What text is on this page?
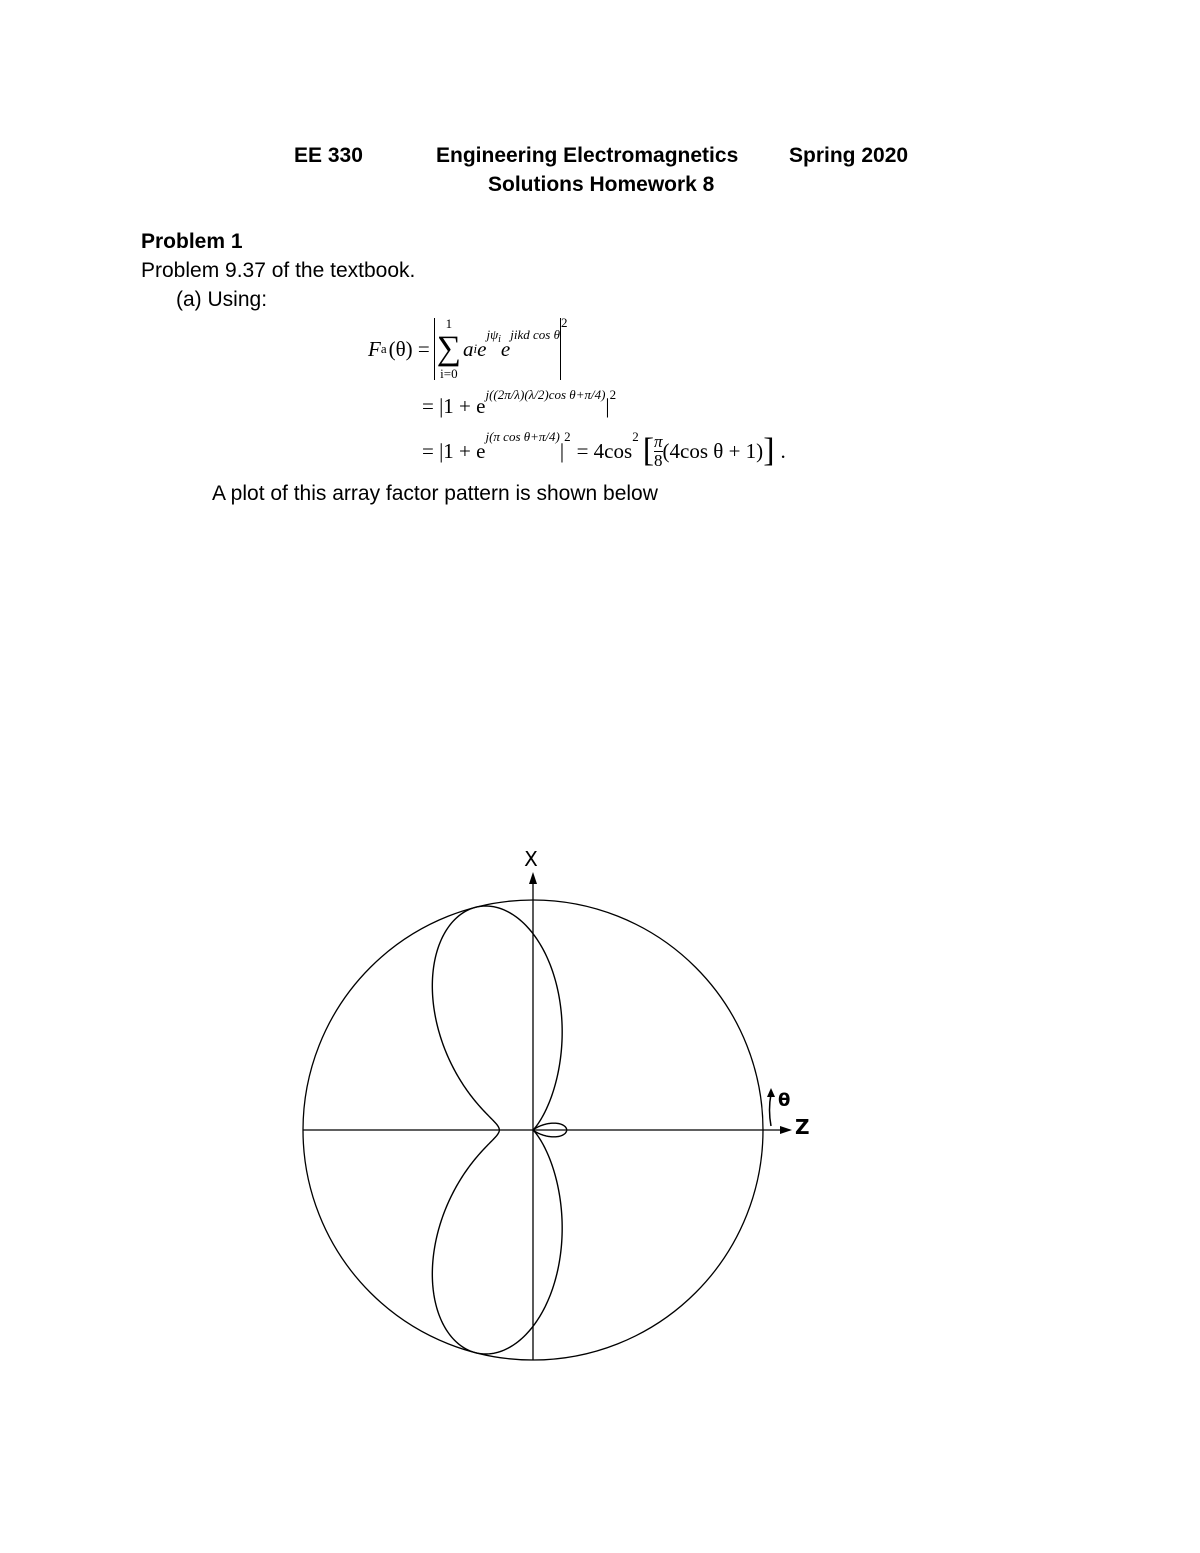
EE 330	Engineering Electromagnetics Spring 2020
Solutions Homework 8
Problem 1
Problem 9.37 of the textbook.
(a) Using:
F a (θ) =
1
∑
i=0
a i e
jψ i e
jikd cos θ
2
= $|1 + e^{j((2\pi/\lambda)(\lambda/2)cos \theta+\pi/4)}|^2$
= |1 + e
j(π cos θ+π/4)
|
2
= 4cos
2 [ $\frac{\pi}{8} (4\cos$ θ + 1) ] .
A plot of this array factor pattern is shown below
X
Z
θ
